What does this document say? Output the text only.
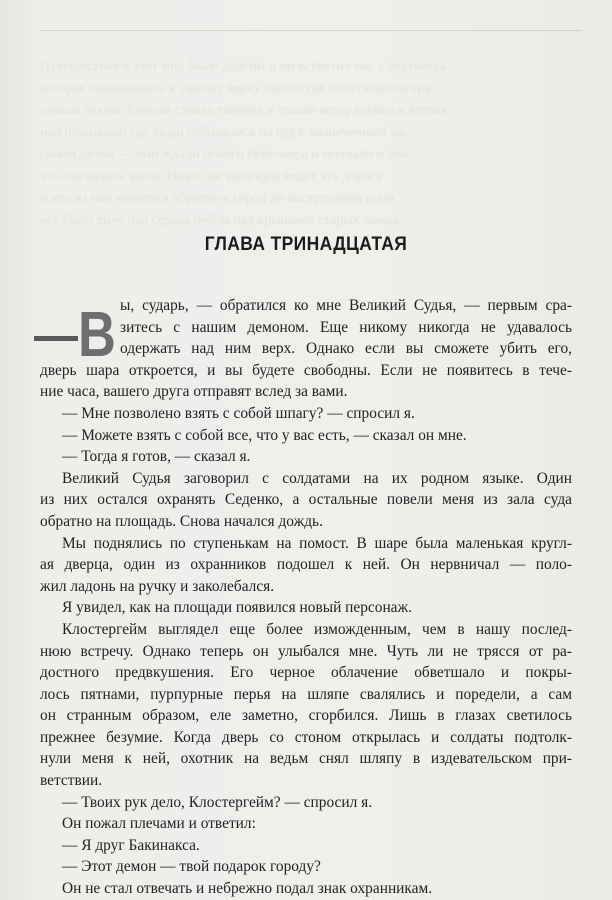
Путешествие в этот мир было долгим и он встретил нас у лестницы
которая поднималась к самому верху башни где стоял наш лагерь
самым тихим. Кругом стояла тишина и только ветер шумел в ветвях
над площадью где люди собирались на суд в назначенный час
своим делом — они ждали нового приговора и молчали о том
что случилось здесь. Никто не знал куда ведет эта дорога
и кто из них вернется обратно в город до наступления ночи
все было тихо под серым небом над крышами старых домов
ГЛАВА ТРИНАДЦАТАЯ
В ы, сударь, — обратился ко мне Великий Судья, — первым сра-
зитесь с нашим демоном. Еще никому никогда не удавалось
одержать над ним верх. Однако если вы сможете убить его,
дверь шара откроется, и вы будете свободны. Если не появитесь в тече-
ние часа, вашего друга отправят вслед за вами.
— Мне позволено взять с собой шпагу? — спросил я.
— Можете взять с собой все, что у вас есть, — сказал он мне.
— Тогда я готов, — сказал я.
Великий Судья заговорил с солдатами на их родном языке. Один
из них остался охранять Седенко, а остальные повели меня из зала суда
обратно на площадь. Снова начался дождь.
Мы поднялись по ступенькам на помост. В шаре была маленькая кругл-
ая дверца, один из охранников подошел к ней. Он нервничал — поло-
жил ладонь на ручку и заколебался.
Я увидел, как на площади появился новый персонаж.
Клостергейм выглядел еще более изможденным, чем в нашу послед-
нюю встречу. Однако теперь он улыбался мне. Чуть ли не трясся от ра-
достного предвкушения. Его черное облачение обветшало и покры-
лось пятнами, пурпурные перья на шляпе свалялись и поредели, а сам
он странным образом, еле заметно, сгорбился. Лишь в глазах светилось
прежнее безумие. Когда дверь со стоном открылась и солдаты подтолк-
нули меня к ней, охотник на ведьм снял шляпу в издевательском при-
ветствии.
— Твоих рук дело, Клостергейм? — спросил я.
Он пожал плечами и ответил:
— Я друг Бакинакса.
— Этот демон — твой подарок городу?
Он не стал отвечать и небрежно подал знак охранникам.
